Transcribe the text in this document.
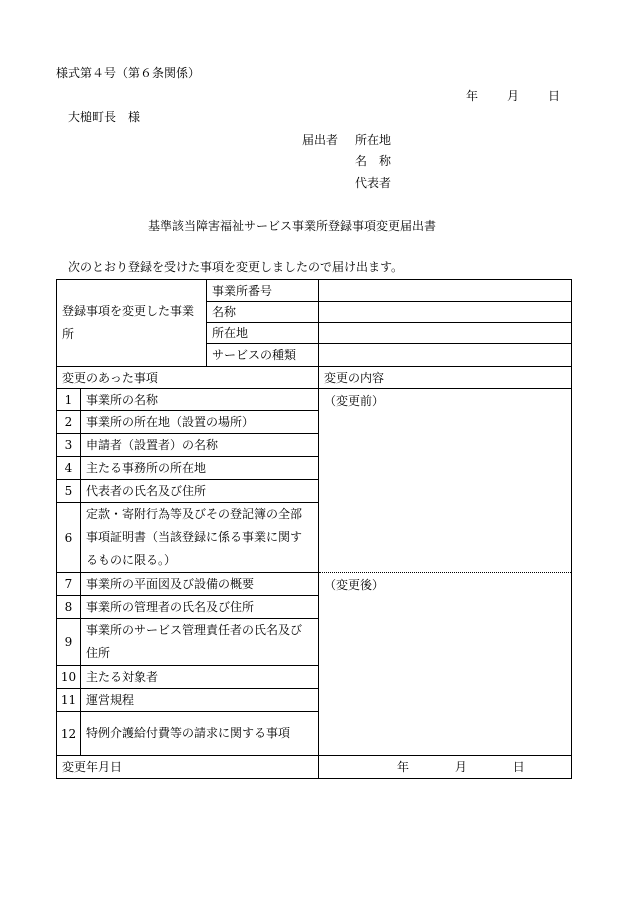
様式第４号（第６条関係）
年 月 日
大槌町長　様
届出者 所在地
名　称
代表者
基準該当障害福祉サービス事業所登録事項変更届出書
次のとおり登録を受けた事項を変更しましたので届け出ます。
登録事項を変更した事業所		事業所番号	
		名称	
		所在地	
		サービスの種類	
変更のあった事項			変更の内容
1	事業所の名称		（変更前）

2	事業所の所在地（設置の場所）		
3	申請者（設置者）の名称		
4	主たる事務所の所在地		
5	代表者の氏名及び住所		
6	定款・寄附行為等及びその登記簿の全部事項証明書（当該登録に係る事業に関するものに限る。）		
7	事業所の平面図及び設備の概要		（変更後）

8	事業所の管理者の氏名及び住所		
9	事業所のサービス管理責任者の氏名及び住所		
10	主たる対象者		
11	運営規程		
12	特例介護給付費等の請求に関する事項		
変更年月日			年 月 日
